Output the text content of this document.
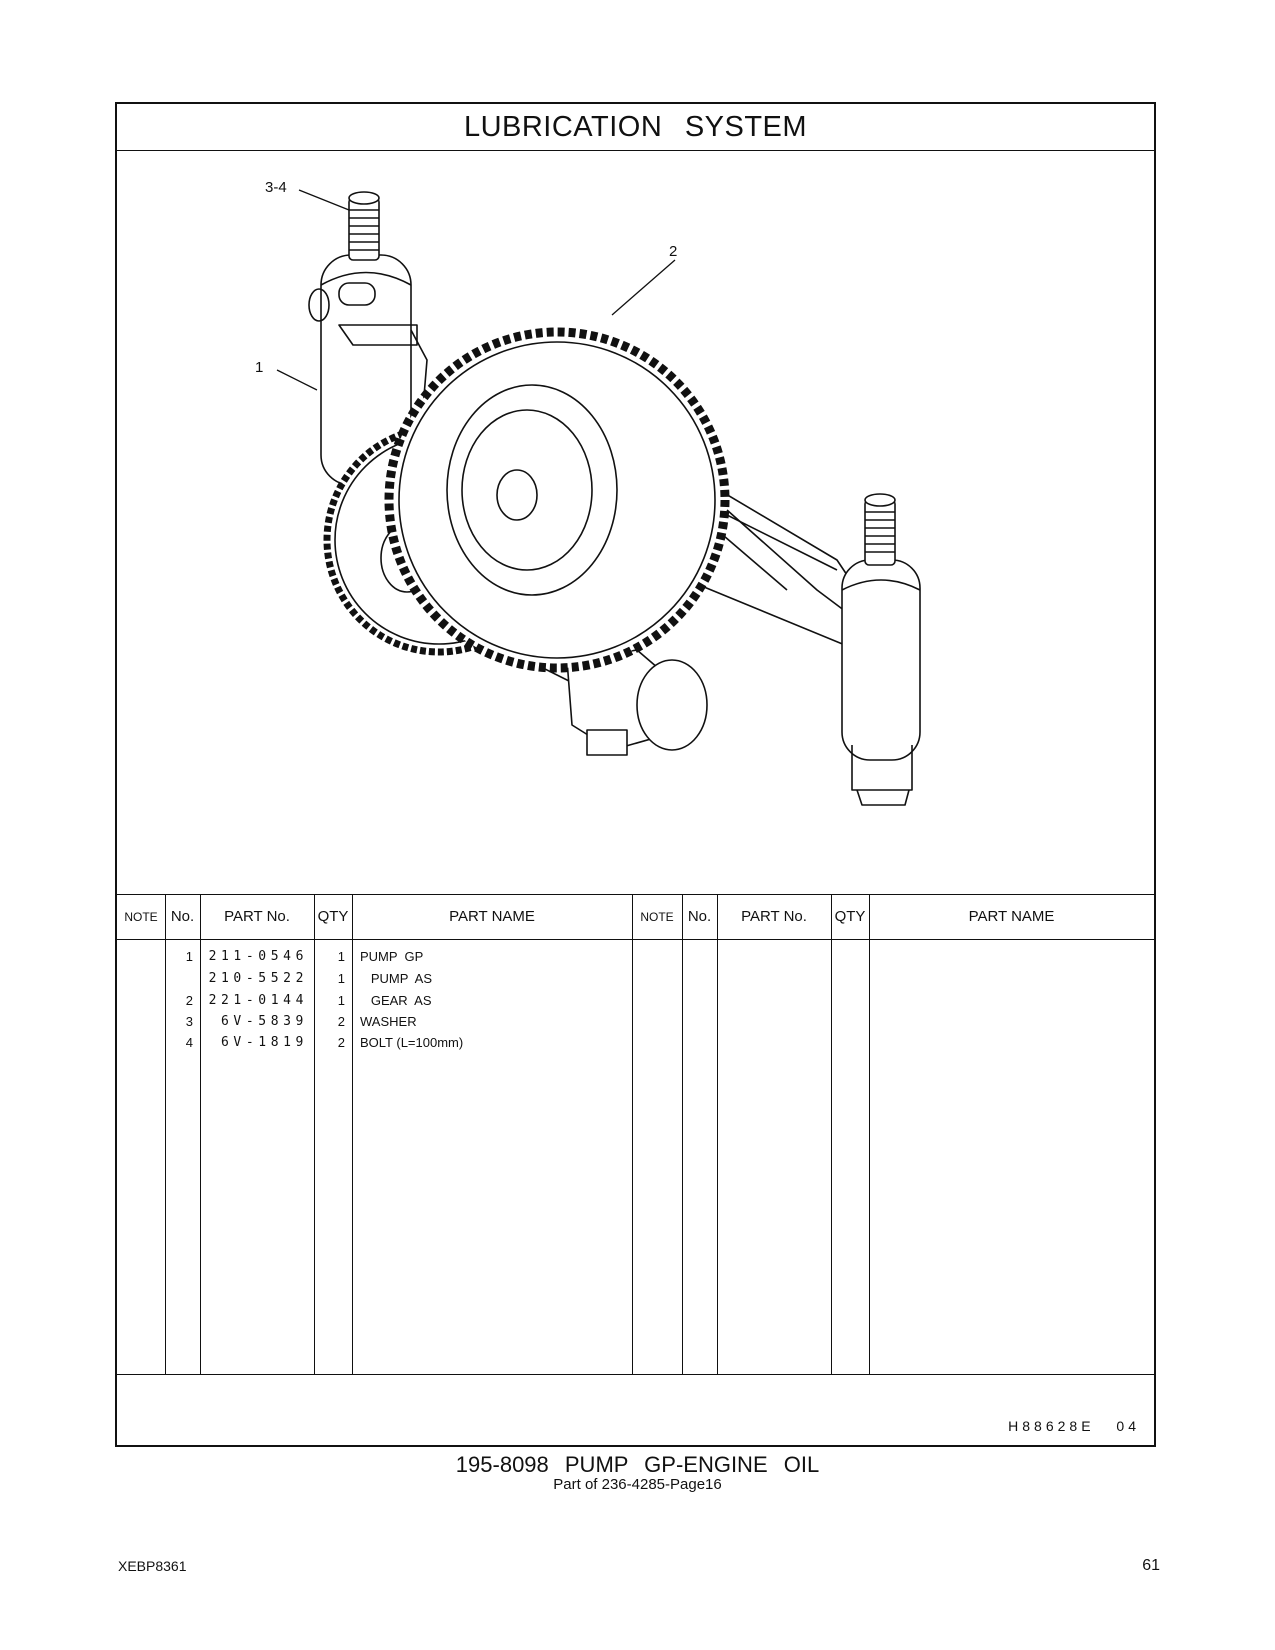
LUBRICATION SYSTEM
3-4
2
1
NOTE No.	PART No.	QTY	PART NAME	NOTE No.	PART No.	QTY	PART NAME
1	211-0546	1 PUMP  GP
210-5522	1 PUMP  AS
2	221-0144	1 GEAR  AS
3	6V-5839	2 WASHER
4	6V-1819	2 BOLT (L=100mm)
H88628E 04
195-8098 PUMP GP-ENGINE OIL
Part of 236-4285-Page16
XEBP8361	61
